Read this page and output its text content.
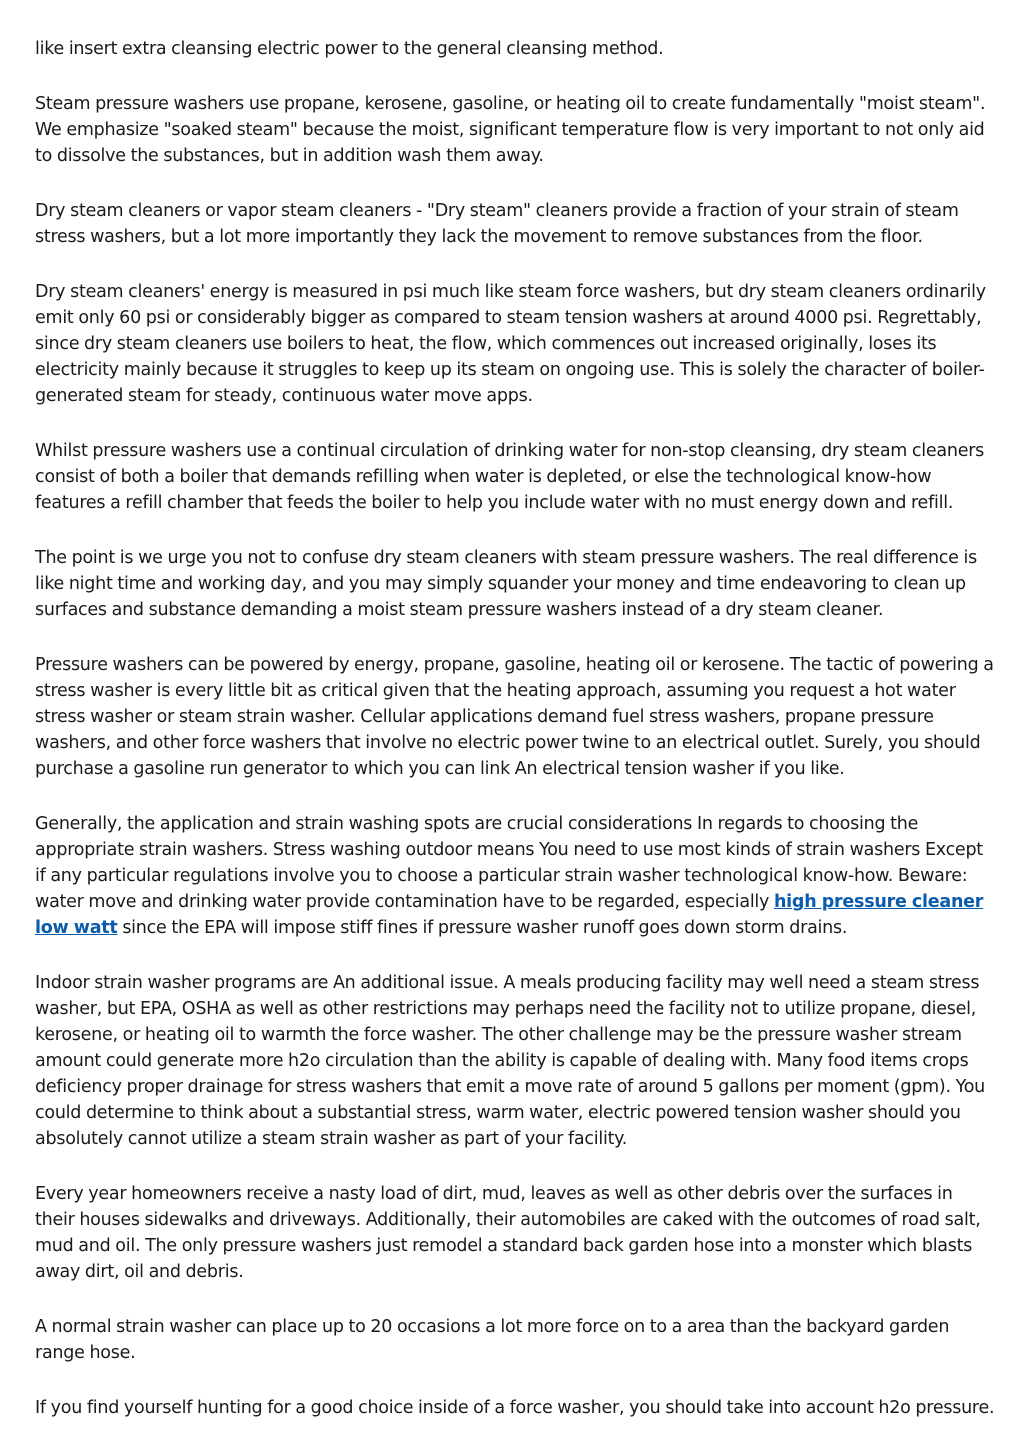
like insert extra cleansing electric power to the general cleansing method.

Steam pressure washers use propane, kerosene, gasoline, or heating oil to create fundamentally "moist steam". We emphasize "soaked steam" because the moist, significant temperature flow is very important to not only aid to dissolve the substances, but in addition wash them away.

Dry steam cleaners or vapor steam cleaners - "Dry steam" cleaners provide a fraction of your strain of steam stress washers, but a lot more importantly they lack the movement to remove substances from the floor.

Dry steam cleaners' energy is measured in psi much like steam force washers, but dry steam cleaners ordinarily emit only 60 psi or considerably bigger as compared to steam tension washers at around 4000 psi. Regrettably, since dry steam cleaners use boilers to heat, the flow, which commences out increased originally, loses its electricity mainly because it struggles to keep up its steam on ongoing use. This is solely the character of boiler-generated steam for steady, continuous water move apps.

Whilst pressure washers use a continual circulation of drinking water for non-stop cleansing, dry steam cleaners consist of both a boiler that demands refilling when water is depleted, or else the technological know-how features a refill chamber that feeds the boiler to help you include water with no must energy down and refill.

The point is we urge you not to confuse dry steam cleaners with steam pressure washers. The real difference is like night time and working day, and you may simply squander your money and time endeavoring to clean up surfaces and substance demanding a moist steam pressure washers instead of a dry steam cleaner.

Pressure washers can be powered by energy, propane, gasoline, heating oil or kerosene. The tactic of powering a stress washer is every little bit as critical given that the heating approach, assuming you request a hot water stress washer or steam strain washer. Cellular applications demand fuel stress washers, propane pressure washers, and other force washers that involve no electric power twine to an electrical outlet. Surely, you should purchase a gasoline run generator to which you can link An electrical tension washer if you like.

Generally, the application and strain washing spots are crucial considerations In regards to choosing the appropriate strain washers. Stress washing outdoor means You need to use most kinds of strain washers Except if any particular regulations involve you to choose a particular strain washer technological know-how. Beware: water move and drinking water provide contamination have to be regarded, especially high pressure cleaner low watt since the EPA will impose stiff fines if pressure washer runoff goes down storm drains.

Indoor strain washer programs are An additional issue. A meals producing facility may well need a steam stress washer, but EPA, OSHA as well as other restrictions may perhaps need the facility not to utilize propane, diesel, kerosene, or heating oil to warmth the force washer. The other challenge may be the pressure washer stream amount could generate more h2o circulation than the ability is capable of dealing with. Many food items crops deficiency proper drainage for stress washers that emit a move rate of around 5 gallons per moment (gpm). You could determine to think about a substantial stress, warm water, electric powered tension washer should you absolutely cannot utilize a steam strain washer as part of your facility.

Every year homeowners receive a nasty load of dirt, mud, leaves as well as other debris over the surfaces in their houses sidewalks and driveways. Additionally, their automobiles are caked with the outcomes of road salt, mud and oil. The only pressure washers just remodel a standard back garden hose into a monster which blasts away dirt, oil and debris.

A normal strain washer can place up to 20 occasions a lot more force on to a area than the backyard garden range hose.

If you find yourself hunting for a good choice inside of a force washer, you should take into account h2o pressure.
